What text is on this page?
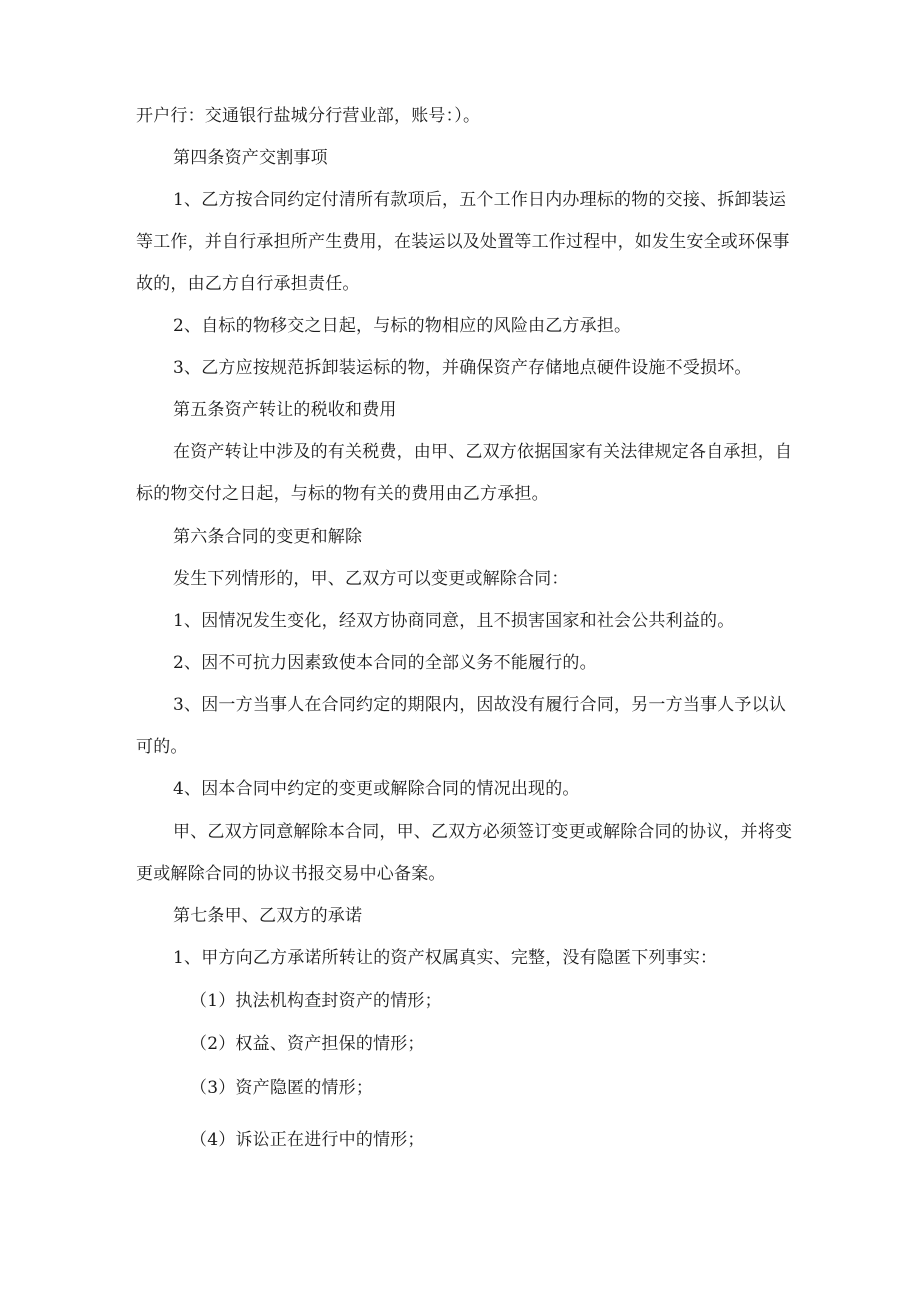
开户行：交通银行盐城分行营业部，账号：）。
第四条资产交割事项
1、乙方按合同约定付清所有款项后，五个工作日内办理标的物的交接、拆卸装运
等工作，并自行承担所产生费用，在装运以及处置等工作过程中，如发生安全或环保事
故的，由乙方自行承担责任。
2、自标的物移交之日起，与标的物相应的风险由乙方承担。
3、乙方应按规范拆卸装运标的物，并确保资产存储地点硬件设施不受损坏。
第五条资产转让的税收和费用
在资产转让中涉及的有关税费，由甲、乙双方依据国家有关法律规定各自承担，自
标的物交付之日起，与标的物有关的费用由乙方承担。
第六条合同的变更和解除
发生下列情形的，甲、乙双方可以变更或解除合同：
1、因情况发生变化，经双方协商同意，且不损害国家和社会公共利益的。
2、因不可抗力因素致使本合同的全部义务不能履行的。
3、因一方当事人在合同约定的期限内，因故没有履行合同，另一方当事人予以认
可的。
4、因本合同中约定的变更或解除合同的情况出现的。
甲、乙双方同意解除本合同，甲、乙双方必须签订变更或解除合同的协议，并将变
更或解除合同的协议书报交易中心备案。
第七条甲、乙双方的承诺
1、甲方向乙方承诺所转让的资产权属真实、完整，没有隐匿下列事实：
（1）执法机构查封资产的情形；
（2）权益、资产担保的情形；
（3）资产隐匿的情形；
（4）诉讼正在进行中的情形；
